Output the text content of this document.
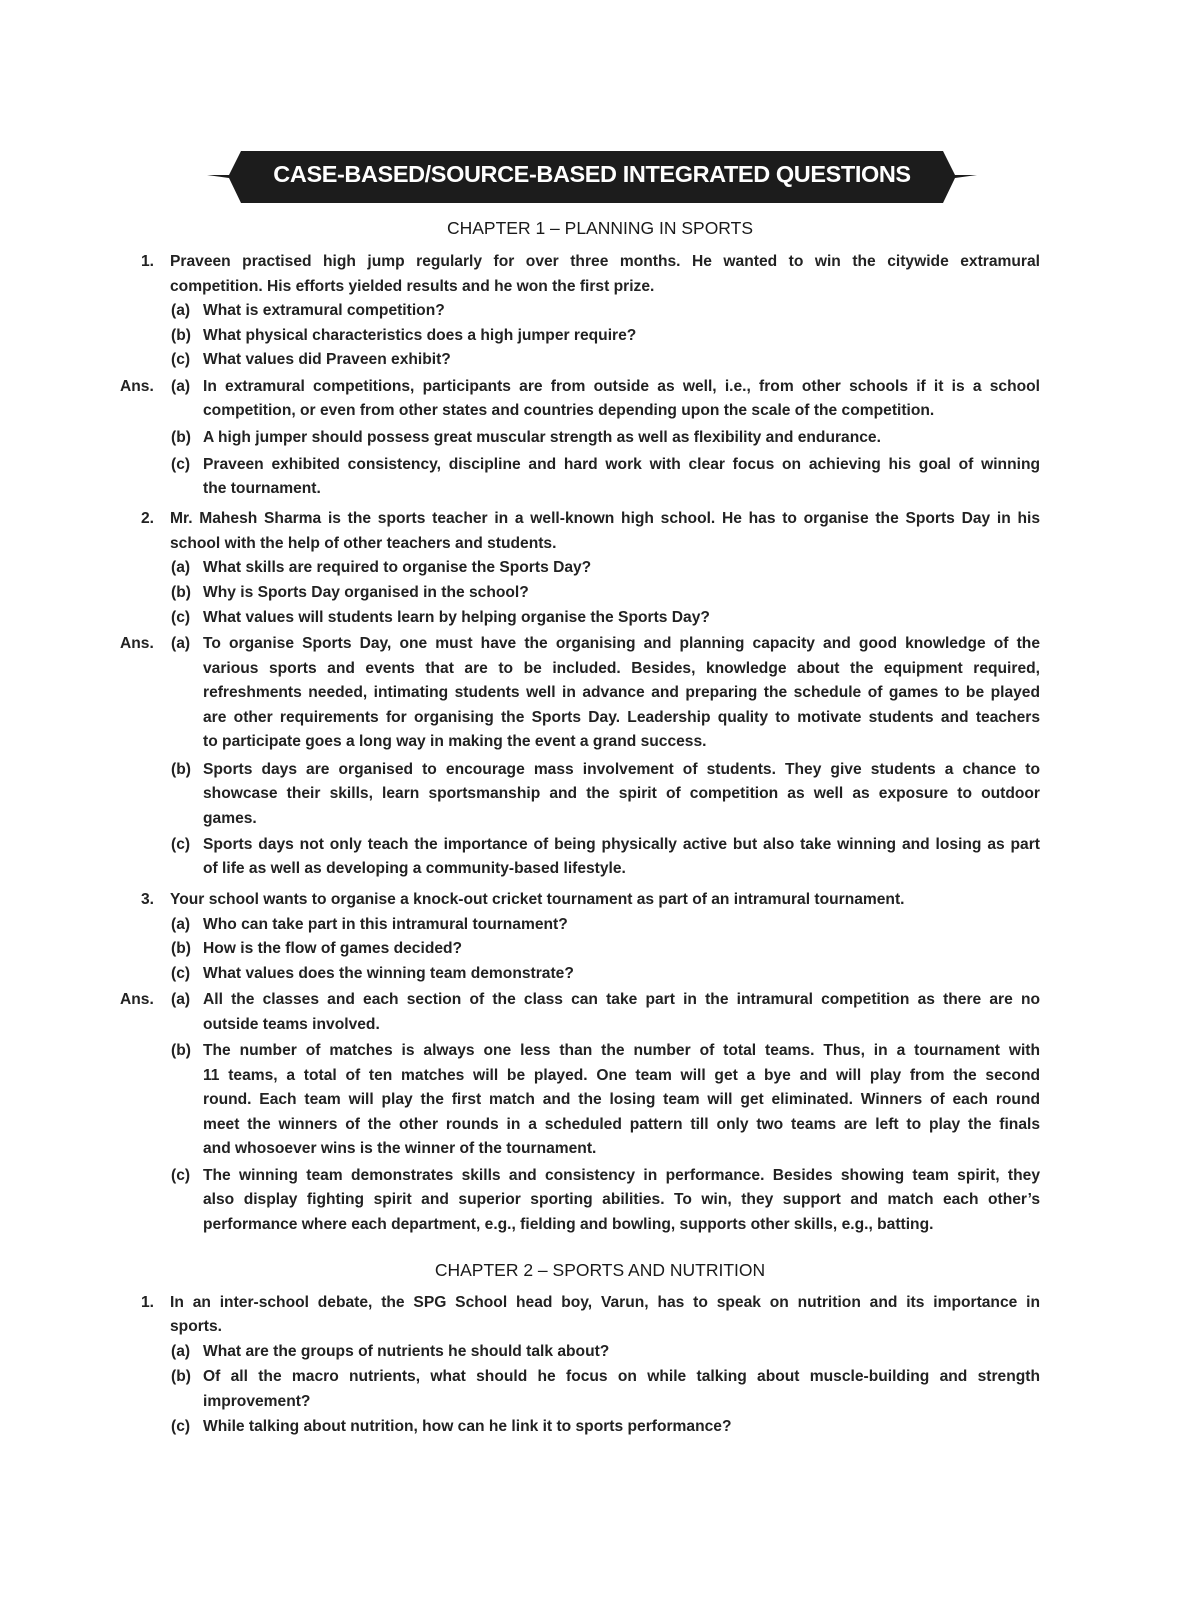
CASE-BASED/SOURCE-BASED INTEGRATED QUESTIONS
CHAPTER 1 – PLANNING IN SPORTS
1. Praveen practised high jump regularly for over three months. He wanted to win the citywide extramural
competition. His efforts yielded results and he won the first prize.
(a) What is extramural competition?
(b) What physical characteristics does a high jumper require?
(c) What values did Praveen exhibit?
Ans. (a) In extramural competitions, participants are from outside as well, i.e., from other schools if it is a school
competition, or even from other states and countries depending upon the scale of the competition.
(b) A high jumper should possess great muscular strength as well as flexibility and endurance.
(c) Praveen exhibited consistency, discipline and hard work with clear focus on achieving his goal of winning
the tournament.
2. Mr. Mahesh Sharma is the sports teacher in a well-known high school. He has to organise the Sports Day in his
school with the help of other teachers and students.
(a) What skills are required to organise the Sports Day?
(b) Why is Sports Day organised in the school?
(c) What values will students learn by helping organise the Sports Day?
Ans. (a) To organise Sports Day, one must have the organising and planning capacity and good knowledge of the
various sports and events that are to be included. Besides, knowledge about the equipment required,
refreshments needed, intimating students well in advance and preparing the schedule of games to be played
are other requirements for organising the Sports Day. Leadership quality to motivate students and teachers
to participate goes a long way in making the event a grand success.
(b) Sports days are organised to encourage mass involvement of students. They give students a chance to
showcase their skills, learn sportsmanship and the spirit of competition as well as exposure to outdoor
games.
(c) Sports days not only teach the importance of being physically active but also take winning and losing as part
of life as well as developing a community-based lifestyle.
3. Your school wants to organise a knock-out cricket tournament as part of an intramural tournament.
(a) Who can take part in this intramural tournament?
(b) How is the flow of games decided?
(c) What values does the winning team demonstrate?
Ans. (a) All the classes and each section of the class can take part in the intramural competition as there are no
outside teams involved.
(b) The number of matches is always one less than the number of total teams. Thus, in a tournament with
11 teams, a total of ten matches will be played. One team will get a bye and will play from the second
round. Each team will play the first match and the losing team will get eliminated. Winners of each round
meet the winners of the other rounds in a scheduled pattern till only two teams are left to play the finals
and whosoever wins is the winner of the tournament.
(c) The winning team demonstrates skills and consistency in performance. Besides showing team spirit, they
also display fighting spirit and superior sporting abilities. To win, they support and match each other’s
performance where each department, e.g., fielding and bowling, supports other skills, e.g., batting.
CHAPTER 2 – SPORTS AND NUTRITION
1. In an inter-school debate, the SPG School head boy, Varun, has to speak on nutrition and its importance in
sports.
(a) What are the groups of nutrients he should talk about?
(b) Of all the macro nutrients, what should he focus on while talking about muscle-building and strength
improvement?
(c) While talking about nutrition, how can he link it to sports performance?
